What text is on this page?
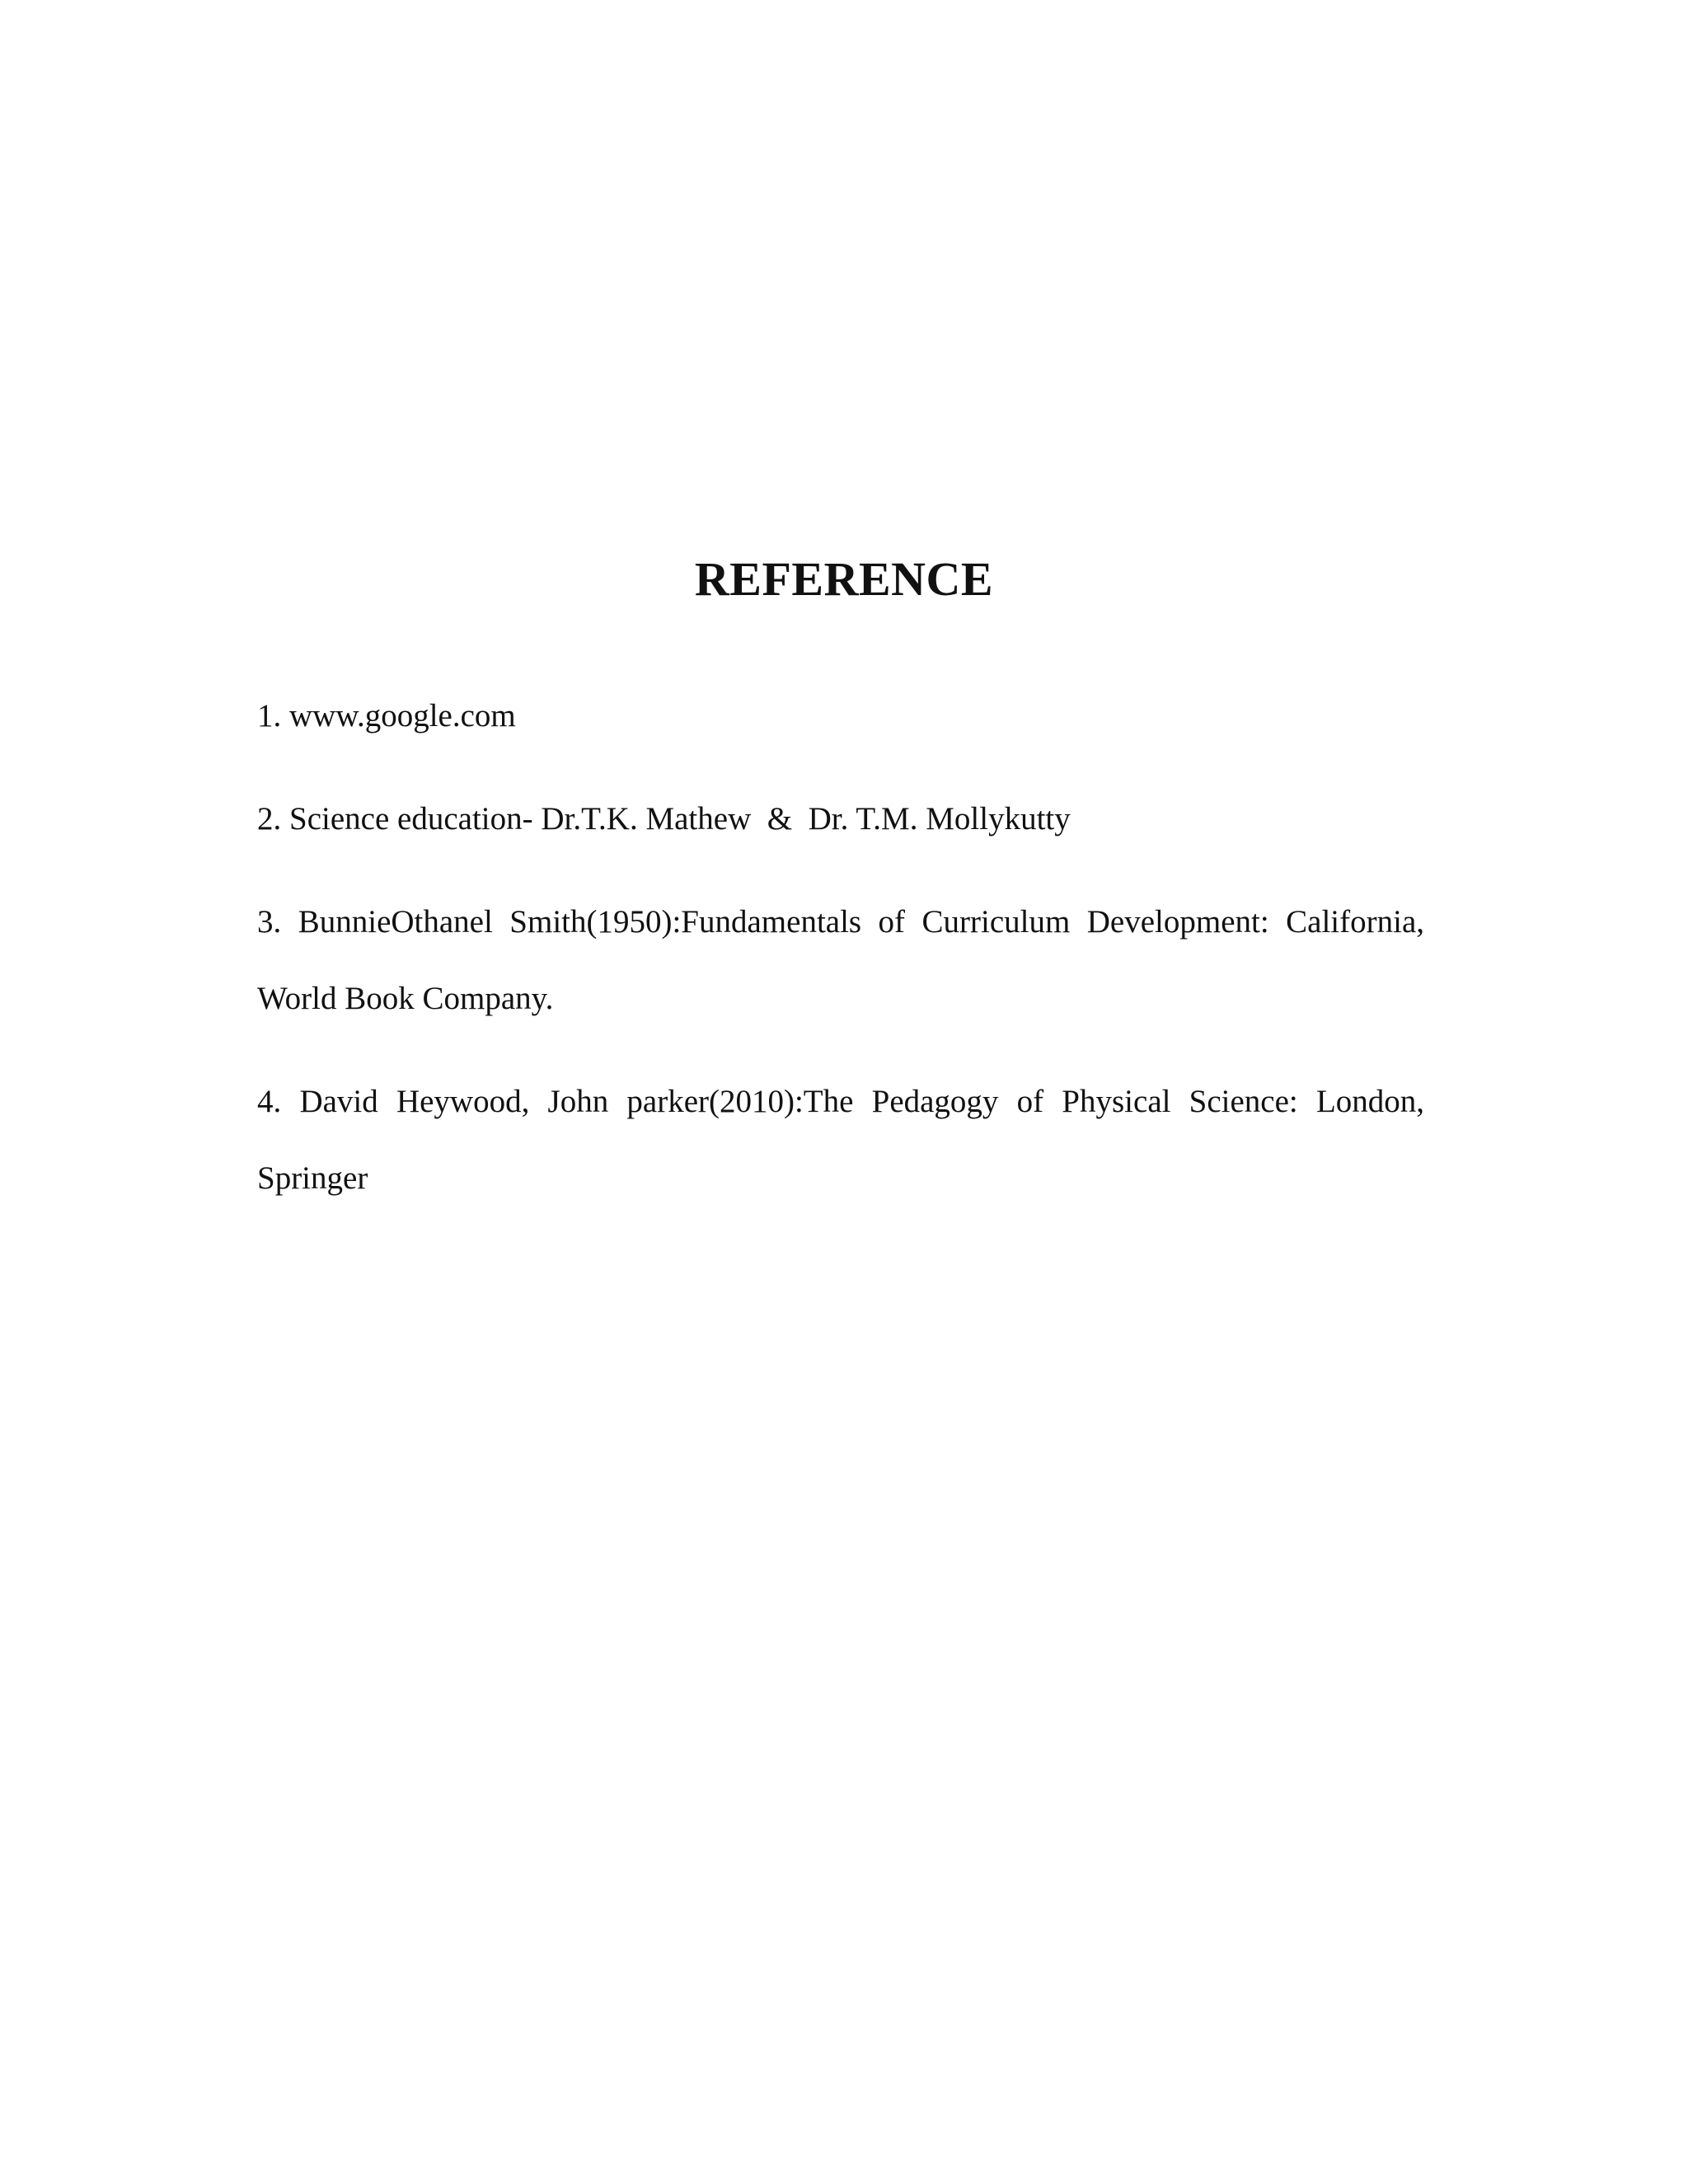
REFERENCE
1. www.google.com
2. Science education- Dr.T.K. Mathew  &  Dr. T.M. Mollykutty
3. BunnieOthanel Smith(1950):Fundamentals of Curriculum Development: California, World Book Company.
4. David Heywood, John parker(2010):The Pedagogy of Physical Science: London, Springer
